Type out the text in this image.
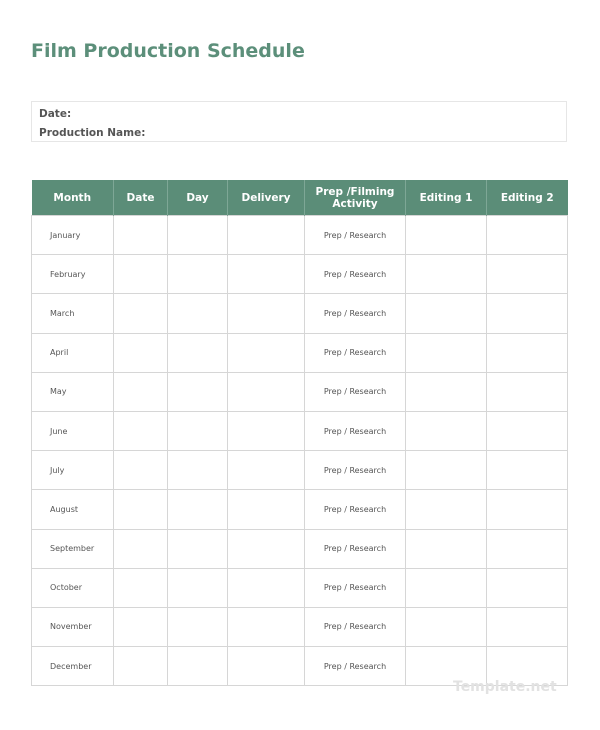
Film Production Schedule
Date:
Production Name:
Month	Date	Day	Delivery	Prep /Filming Activity	Editing 1	Editing 2
January				Prep / Research		
February				Prep / Research		
March				Prep / Research		
April				Prep / Research		
May				Prep / Research		
June				Prep / Research		
July				Prep / Research		
August				Prep / Research		
September				Prep / Research		
October				Prep / Research		
November				Prep / Research		
December				Prep / Research		
Template.net
